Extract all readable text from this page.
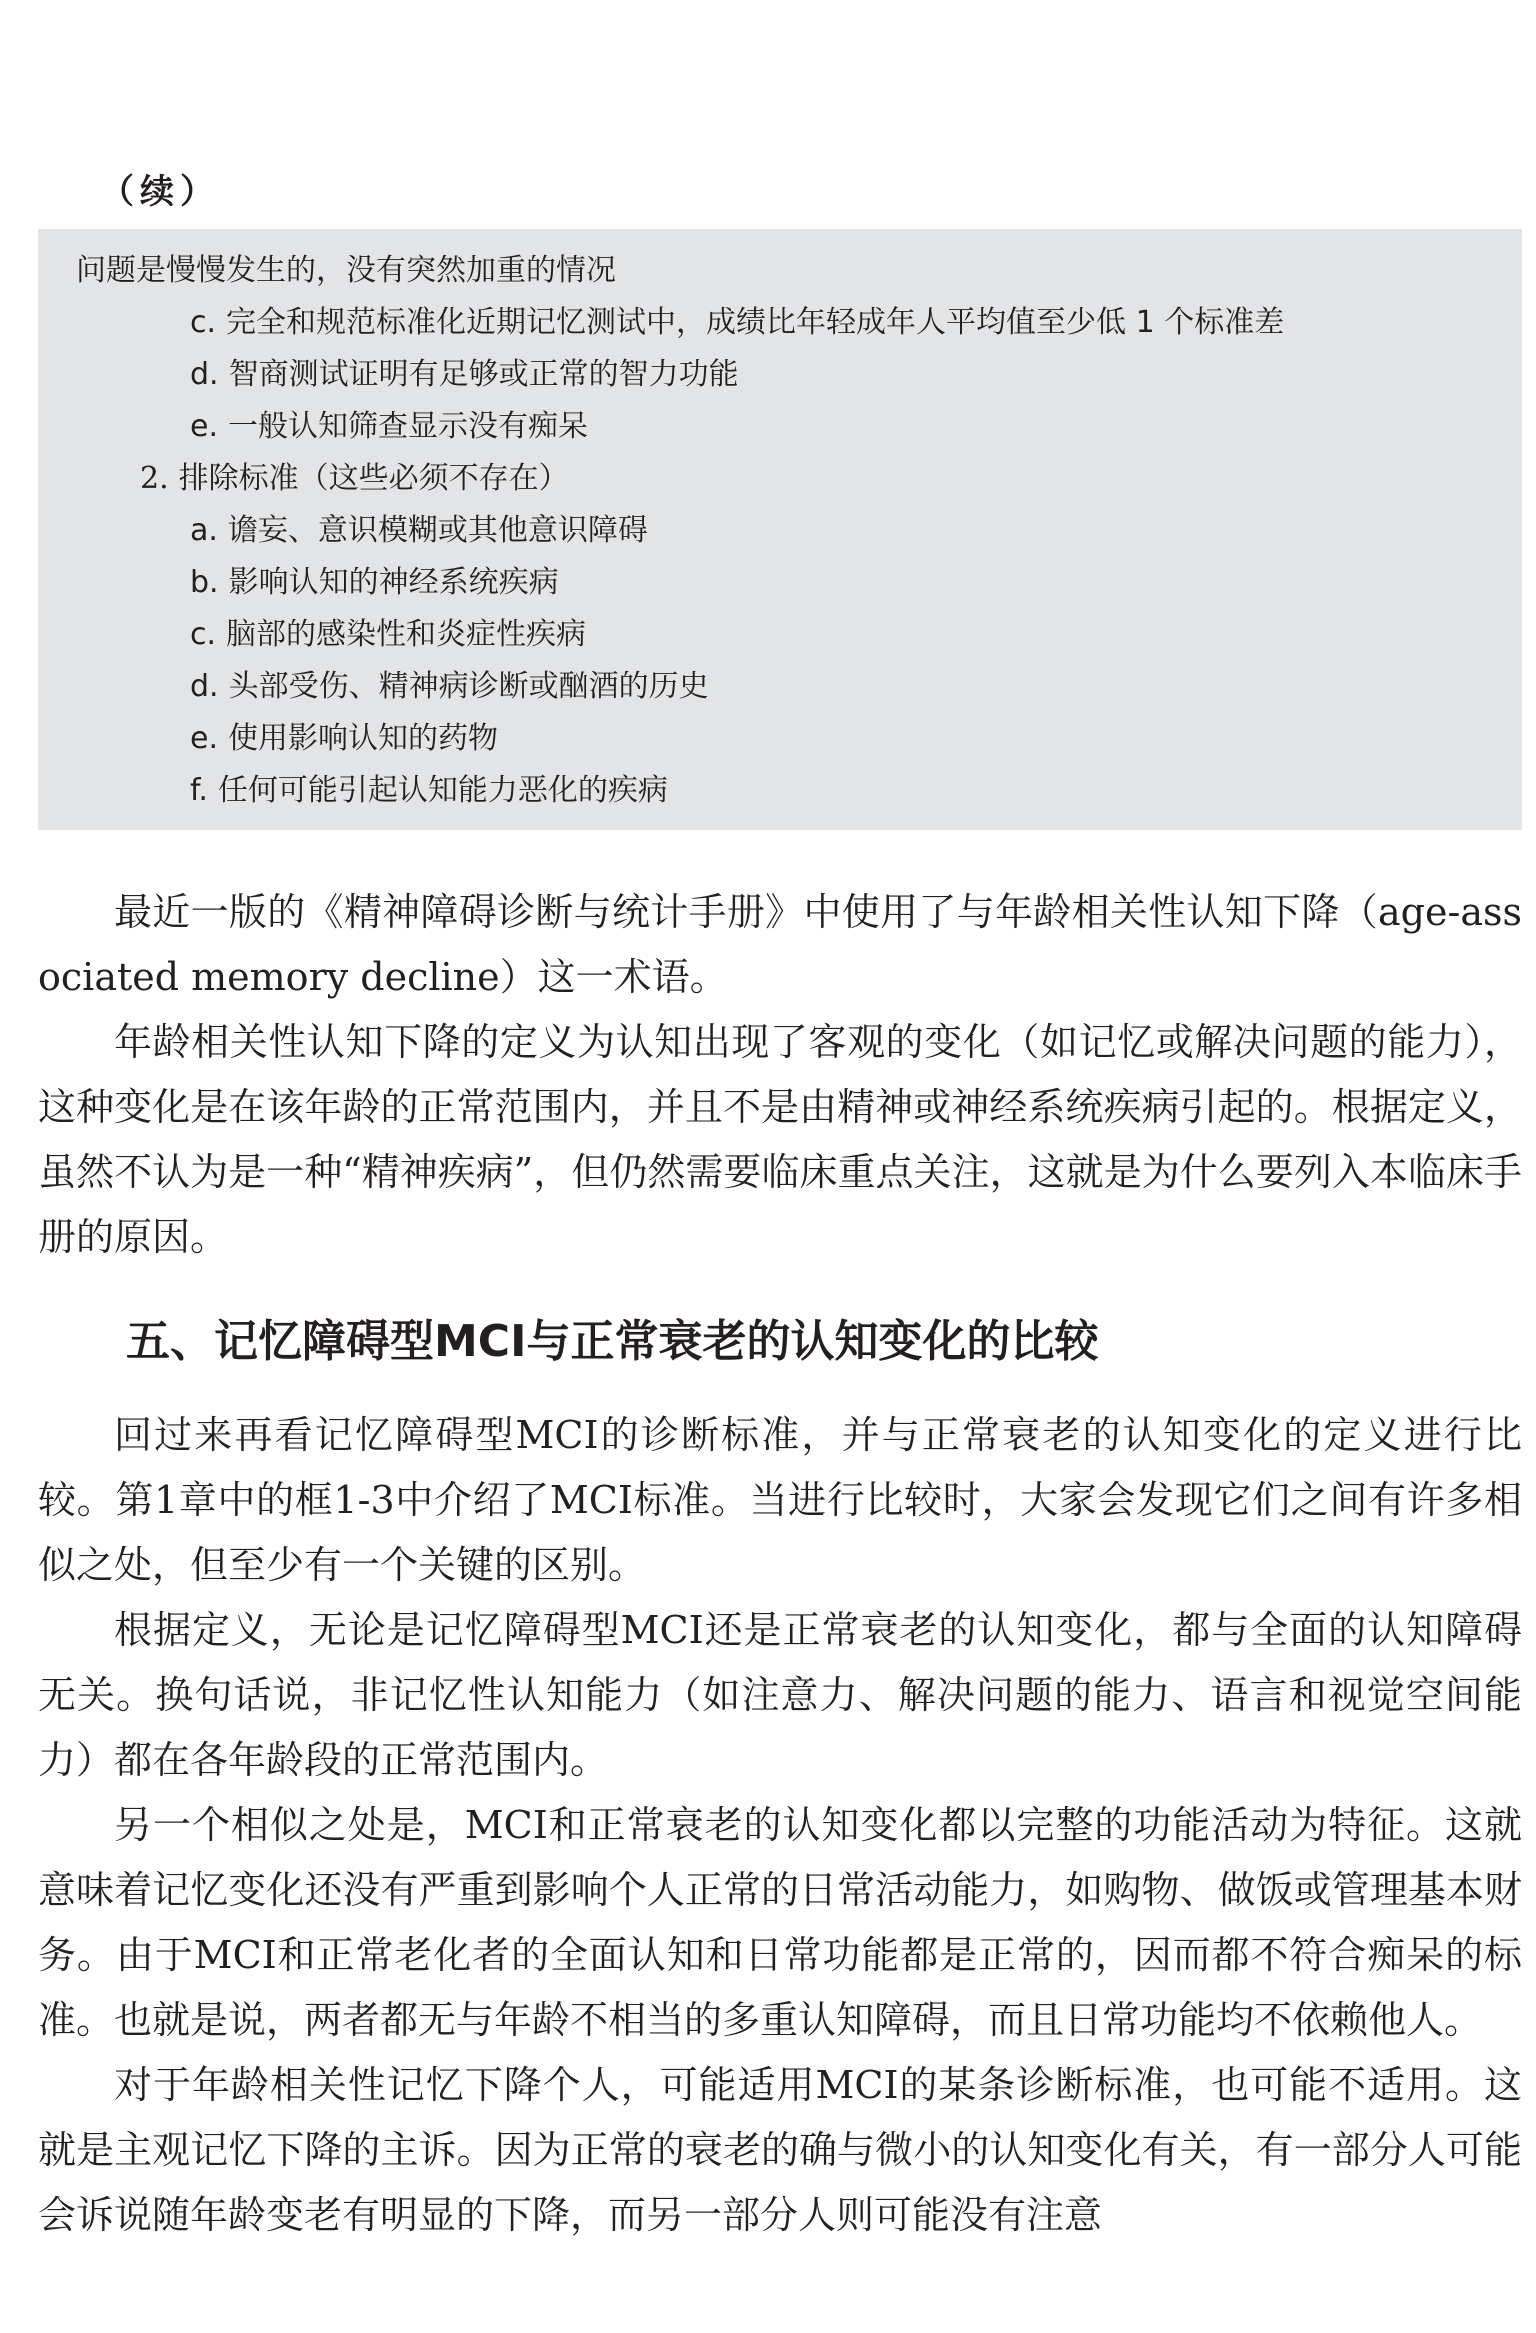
（续）
问题是慢慢发生的，没有突然加重的情况
c. 完全和规范标准化近期记忆测试中，成绩比年轻成年人平均值至少低 1 个标准差
d. 智商测试证明有足够或正常的智力功能
e. 一般认知筛查显示没有痴呆
2. 排除标准（这些必须不存在）
a. 谵妄、意识模糊或其他意识障碍
b. 影响认知的神经系统疾病
c. 脑部的感染性和炎症性疾病
d. 头部受伤、精神病诊断或酗酒的历史
e. 使用影响认知的药物
f. 任何可能引起认知能力恶化的疾病

最近一版的《精神障碍诊断与统计手册》中使用了与年龄相关性认知下降（age-associated memory decline）这一术语。

年龄相关性认知下降的定义为认知出现了客观的变化（如记忆或解决问题的能力），这种变化是在该年龄的正常范围内，并且不是由精神或神经系统疾病引起的。根据定义，虽然不认为是一种“精神疾病”，但仍然需要临床重点关注，这就是为什么要列入本临床手册的原因。

五、记忆障碍型MCI与正常衰老的认知变化的比较

回过来再看记忆障碍型MCI的诊断标准，并与正常衰老的认知变化的定义进行比较。第1章中的框1-3中介绍了MCI标准。当进行比较时，大家会发现它们之间有许多相似之处，但至少有一个关键的区别。

根据定义，无论是记忆障碍型MCI还是正常衰老的认知变化，都与全面的认知障碍无关。换句话说，非记忆性认知能力（如注意力、解决问题的能力、语言和视觉空间能力）都在各年龄段的正常范围内。

另一个相似之处是，MCI和正常衰老的认知变化都以完整的功能活动为特征。这就意味着记忆变化还没有严重到影响个人正常的日常活动能力，如购物、做饭或管理基本财务。由于MCI和正常老化者的全面认知和日常功能都是正常的，因而都不符合痴呆的标准。也就是说，两者都无与年龄不相当的多重认知障碍，而且日常功能均不依赖他人。

对于年龄相关性记忆下降个人，可能适用MCI的某条诊断标准，也可能不适用。这就是主观记忆下降的主诉。因为正常的衰老的确与微小的认知变化有关，有一部分人可能会诉说随年龄变老有明显的下降，而另一部分人则可能没有注意
